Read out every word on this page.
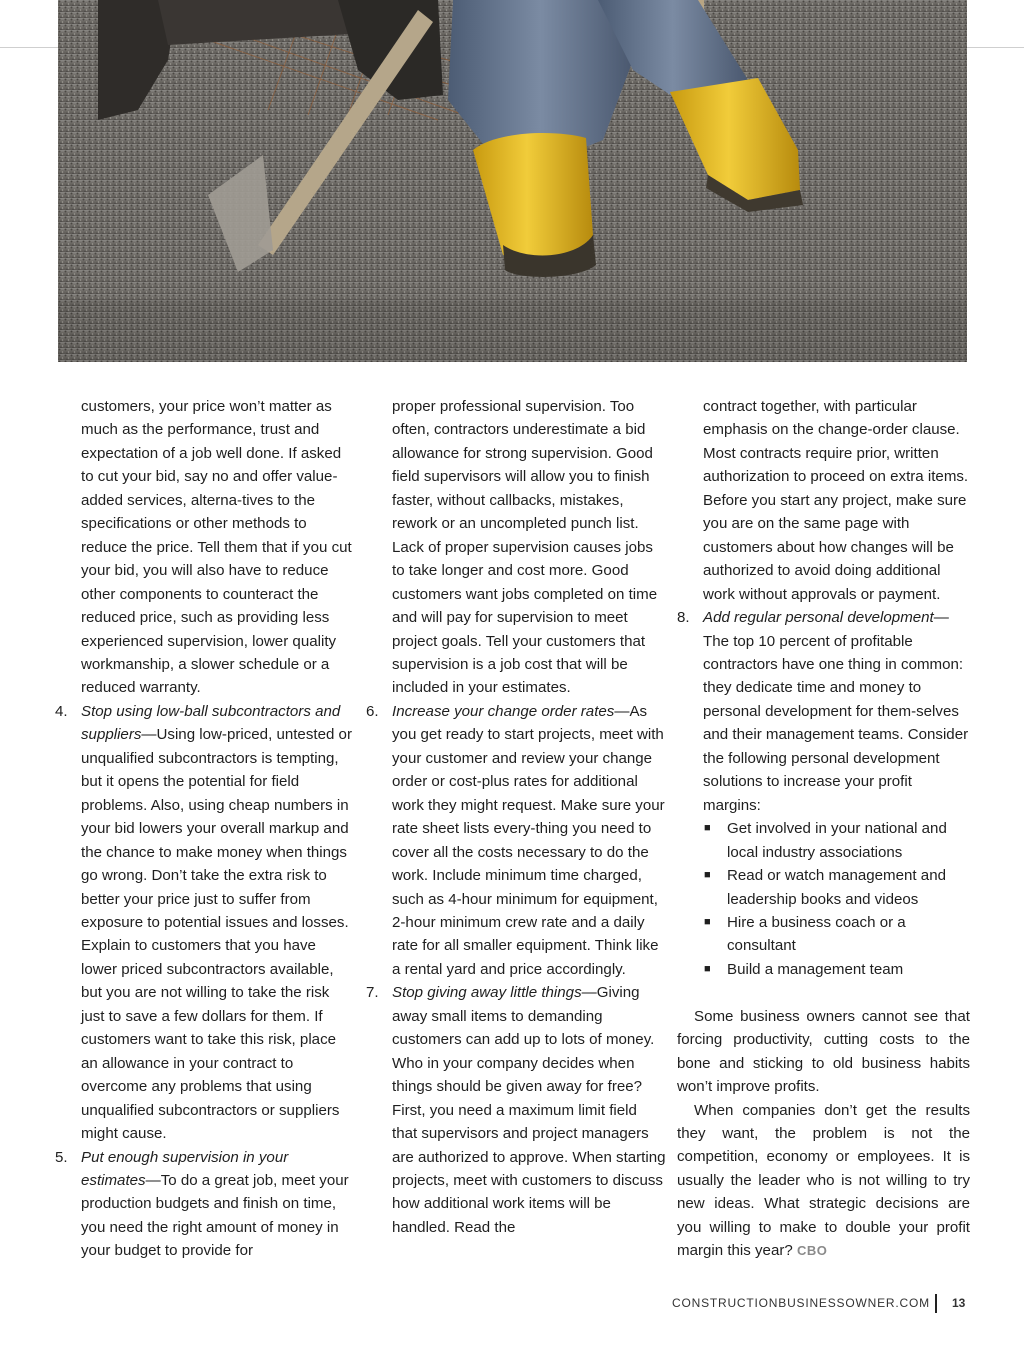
customers, your price won’t matter as much as the performance, trust and expectation of a job well done. If asked to cut your bid, say no and offer value-added services, alterna-tives to the specifications or other methods to reduce the price. Tell them that if you cut your bid, you will also have to reduce other components to counteract the reduced price, such as providing less experienced supervision, lower quality workmanship, a slower schedule or a reduced warranty.
4. Stop using low-ball subcontractors and suppliers—Using low-priced, untested or unqualified subcontractors is tempting, but it opens the potential for field problems. Also, using cheap numbers in your bid lowers your overall markup and the chance to make money when things go wrong. Don’t take the extra risk to better your price just to suffer from exposure to potential issues and losses. Explain to customers that you have lower priced subcontractors available, but you are not willing to take the risk just to save a few dollars for them. If customers want to take this risk, place an allowance in your contract to overcome any problems that using unqualified subcontractors or suppliers might cause.
5. Put enough supervision in your estimates—To do a great job, meet your production budgets and finish on time, you need the right amount of money in your budget to provide for
proper professional supervision. Too often, contractors underestimate a bid allowance for strong supervision. Good field supervisors will allow you to finish faster, without callbacks, mistakes, rework or an uncompleted punch list. Lack of proper supervision causes jobs to take longer and cost more. Good customers want jobs completed on time and will pay for supervision to meet project goals. Tell your customers that supervision is a job cost that will be included in your estimates.
6. Increase your change order rates—As you get ready to start projects, meet with your customer and review your change order or cost-plus rates for additional work they might request. Make sure your rate sheet lists every-thing you need to cover all the costs necessary to do the work. Include minimum time charged, such as 4-hour minimum for equipment, 2-hour minimum crew rate and a daily rate for all smaller equipment. Think like a rental yard and price accordingly.
7. Stop giving away little things—Giving away small items to demanding customers can add up to lots of money. Who in your company decides when things should be given away for free? First, you need a maximum limit field that supervisors and project managers are authorized to approve. When starting projects, meet with customers to discuss how additional work items will be handled. Read the
contract together, with particular emphasis on the change-order clause. Most contracts require prior, written authorization to proceed on extra items. Before you start any project, make sure you are on the same page with customers about how changes will be authorized to avoid doing additional work without approvals or payment.
8. Add regular personal development—The top 10 percent of profitable contractors have one thing in common: they dedicate time and money to personal development for them-selves and their management teams. Consider the following personal development solutions to increase your profit margins:
■ Get involved in your national and local industry associations
■ Read or watch management and leadership books and videos
■ Hire a business coach or a consultant
■ Build a management team

Some business owners cannot see that forcing productivity, cutting costs to the bone and sticking to old business habits won’t improve profits.

When companies don’t get the results they want, the problem is not the competition, economy or employees. It is usually the leader who is not willing to try new ideas. What strategic decisions are you willing to make to double your profit margin this year? CBO

CONSTRUCTIONBUSINESSOWNER.COM 13
